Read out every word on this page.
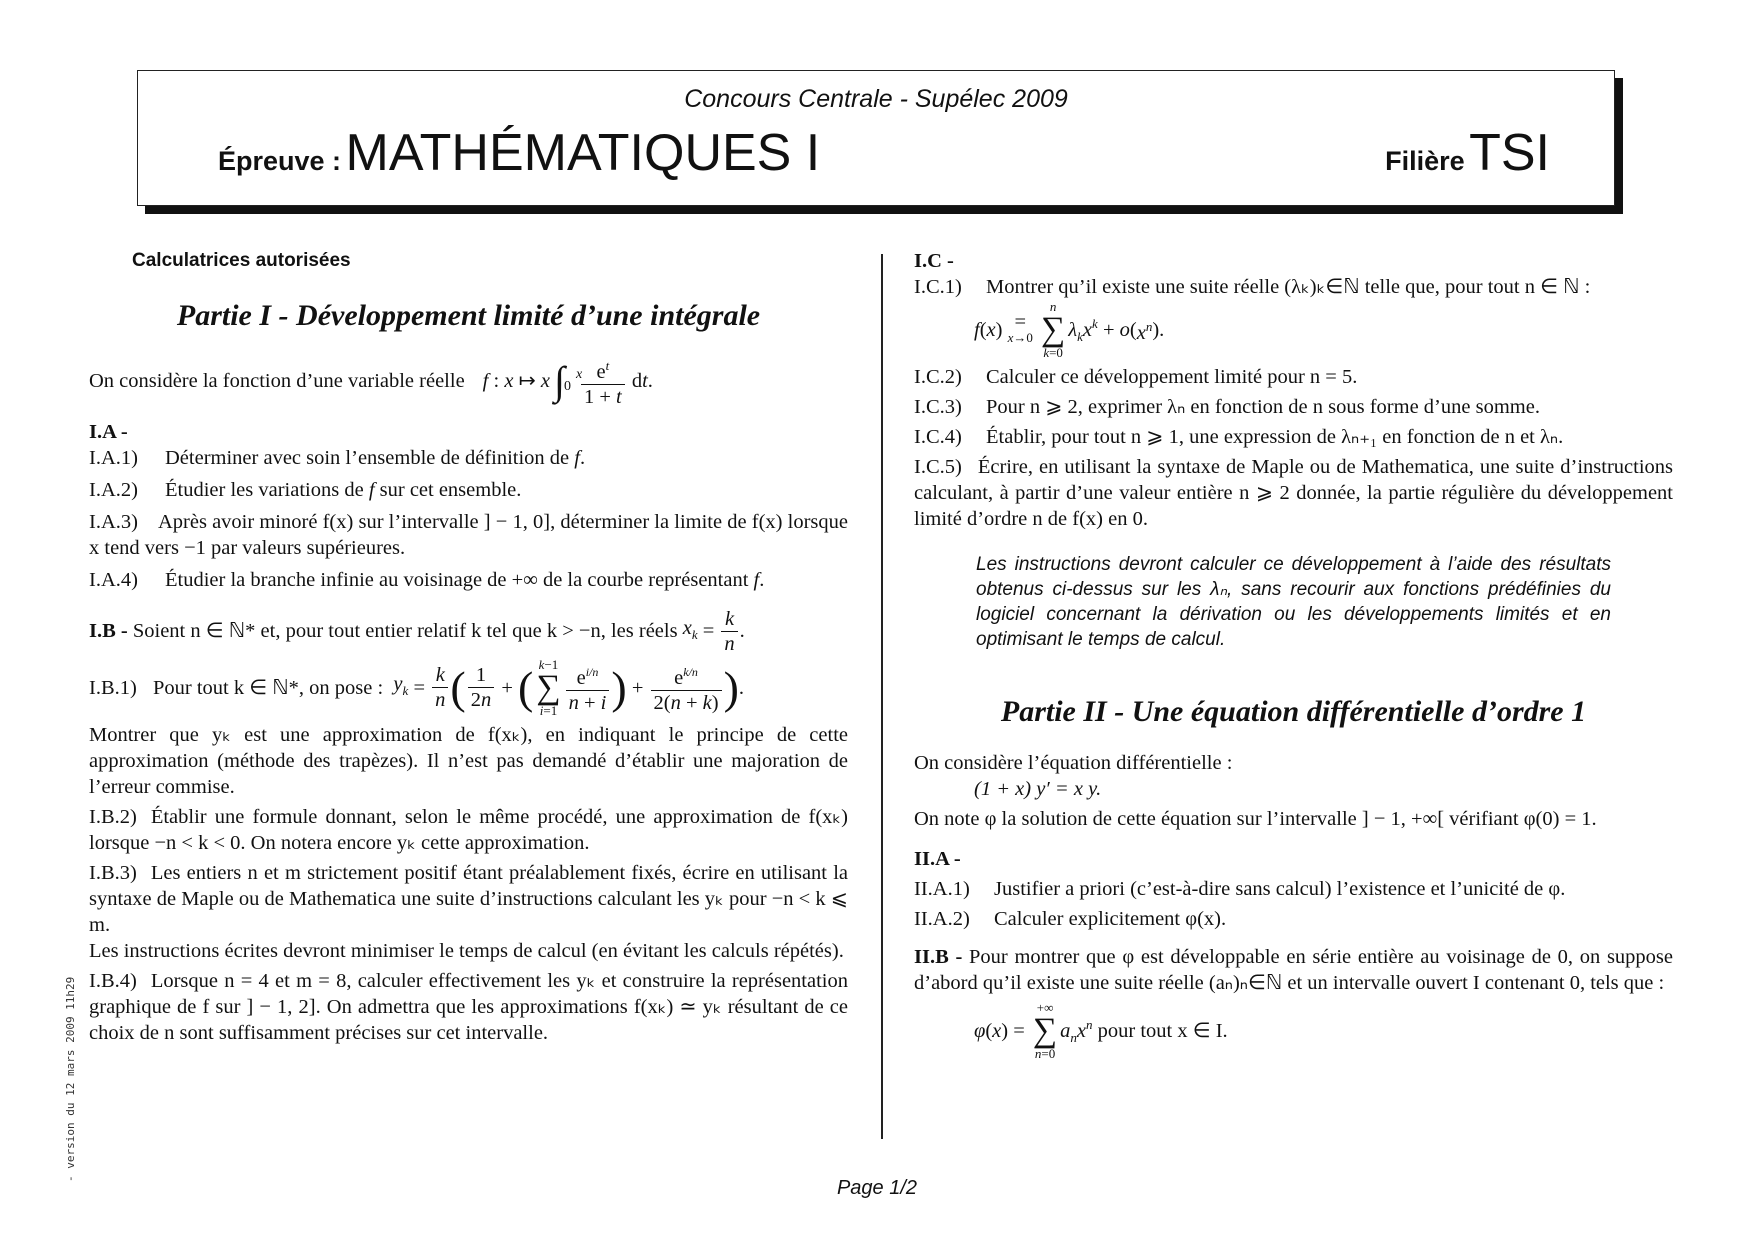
Concours Centrale - Supélec 2009
Épreuve : MATHÉMATIQUES I	Filière TSI
- version du 12 mars 2009 11h29
Calculatrices autorisées
Partie I - Développement limité d’une intégrale
On considère la fonction d’une variable réelle f : x ↦ x ∫ x
$0 \frac{e^t}{1 + t}$ dt.
I.A -
I.A.1)	Déterminer avec soin l’ensemble de définition de f.
I.A.2)	Étudier les variations de f sur cet ensemble.
I.A.3) Après avoir minoré f(x) sur l’intervalle ] − 1, 0], déterminer la limite de f(x) lorsque x tend vers −1 par valeurs supérieures.
I.A.4)	Étudier la branche infinie au voisinage de +∞ de la courbe représentant f.
I.B -
Soient n ∈ ℕ* et, pour tout entier relatif k tel que k > −n, les réels
$x_k = \frac{k}{n}$ .
I.B.1) Pour tout k ∈ ℕ*, on pose :
$y_k = \frac{k}{n}$ ( $\frac{1}{2n}$ + ( k−1
∑
$i=1 \frac{e^{i/n}}{n + i}$ ) + $\frac{e^{k/n}}{2(n + k)}$ ) .
Montrer que yₖ est une approximation de f(xₖ), en indiquant le principe de cette approximation (méthode des trapèzes). Il n’est pas demandé d’établir une majoration de l’erreur commise.
I.B.2) Établir une formule donnant, selon le même procédé, une approximation de f(xₖ) lorsque −n < k < 0. On notera encore yₖ cette approximation.
I.B.3) Les entiers n et m strictement positif étant préalablement fixés, écrire en utilisant la syntaxe de Maple ou de Mathematica une suite d’instructions calculant les yₖ pour −n < k ⩽ m.
Les instructions écrites devront minimiser le temps de calcul (en évitant les calculs répétés).
I.B.4) Lorsque n = 4 et m = 8, calculer effectivement les yₖ et construire la représentation graphique de f sur ] − 1, 2]. On admettra que les approximations f(xₖ) ≃ yₖ résultant de ce choix de n sont suffisamment précises sur cet intervalle.
I.C -
I.C.1)	Montrer qu’il existe une suite réelle (λₖ)ₖ∈ℕ telle que, pour tout n ∈ ℕ :
f ( x ) =
x→0

n
∑
k=0
$\lambda_kx^k + o$ ( $x^n$ ).
I.C.2)	Calculer ce développement limité pour n = 5.
I.C.3)	Pour n ⩾ 2, exprimer λₙ en fonction de n sous forme d’une somme.
I.C.4)	Établir, pour tout n ⩾ 1, une expression de λₙ₊₁ en fonction de n et λₙ.
I.C.5) Écrire, en utilisant la syntaxe de Maple ou de Mathematica, une suite d’instructions calculant, à partir d’une valeur entière n ⩾ 2 donnée, la partie régulière du développement limité d’ordre n de f(x) en 0.
Les instructions devront calculer ce développement à l’aide des résultats obtenus ci-dessus sur les λₙ, sans recourir aux fonctions prédéfinies du logiciel concernant la dérivation ou les développements limités et en optimisant le temps de calcul.
Partie II - Une équation différentielle d’ordre 1
On considère l’équation différentielle :
(1 + x) y′ = x y.
On note φ la solution de cette équation sur l’intervalle ] − 1, +∞[ vérifiant φ(0) = 1.
II.A -
II.A.1)	Justifier a priori (c’est-à-dire sans calcul) l’existence et l’unicité de φ.
II.A.2)	Calculer explicitement φ(x).
II.B - Pour montrer que φ est développable en série entière au voisinage de 0, on suppose d’abord qu’il existe une suite réelle (aₙ)ₙ∈ℕ et un intervalle ouvert I contenant 0, tels que :
φ ( x ) =
+∞
∑
n=0
$a_nx^n$
pour tout x ∈ I.
Page 1/2
